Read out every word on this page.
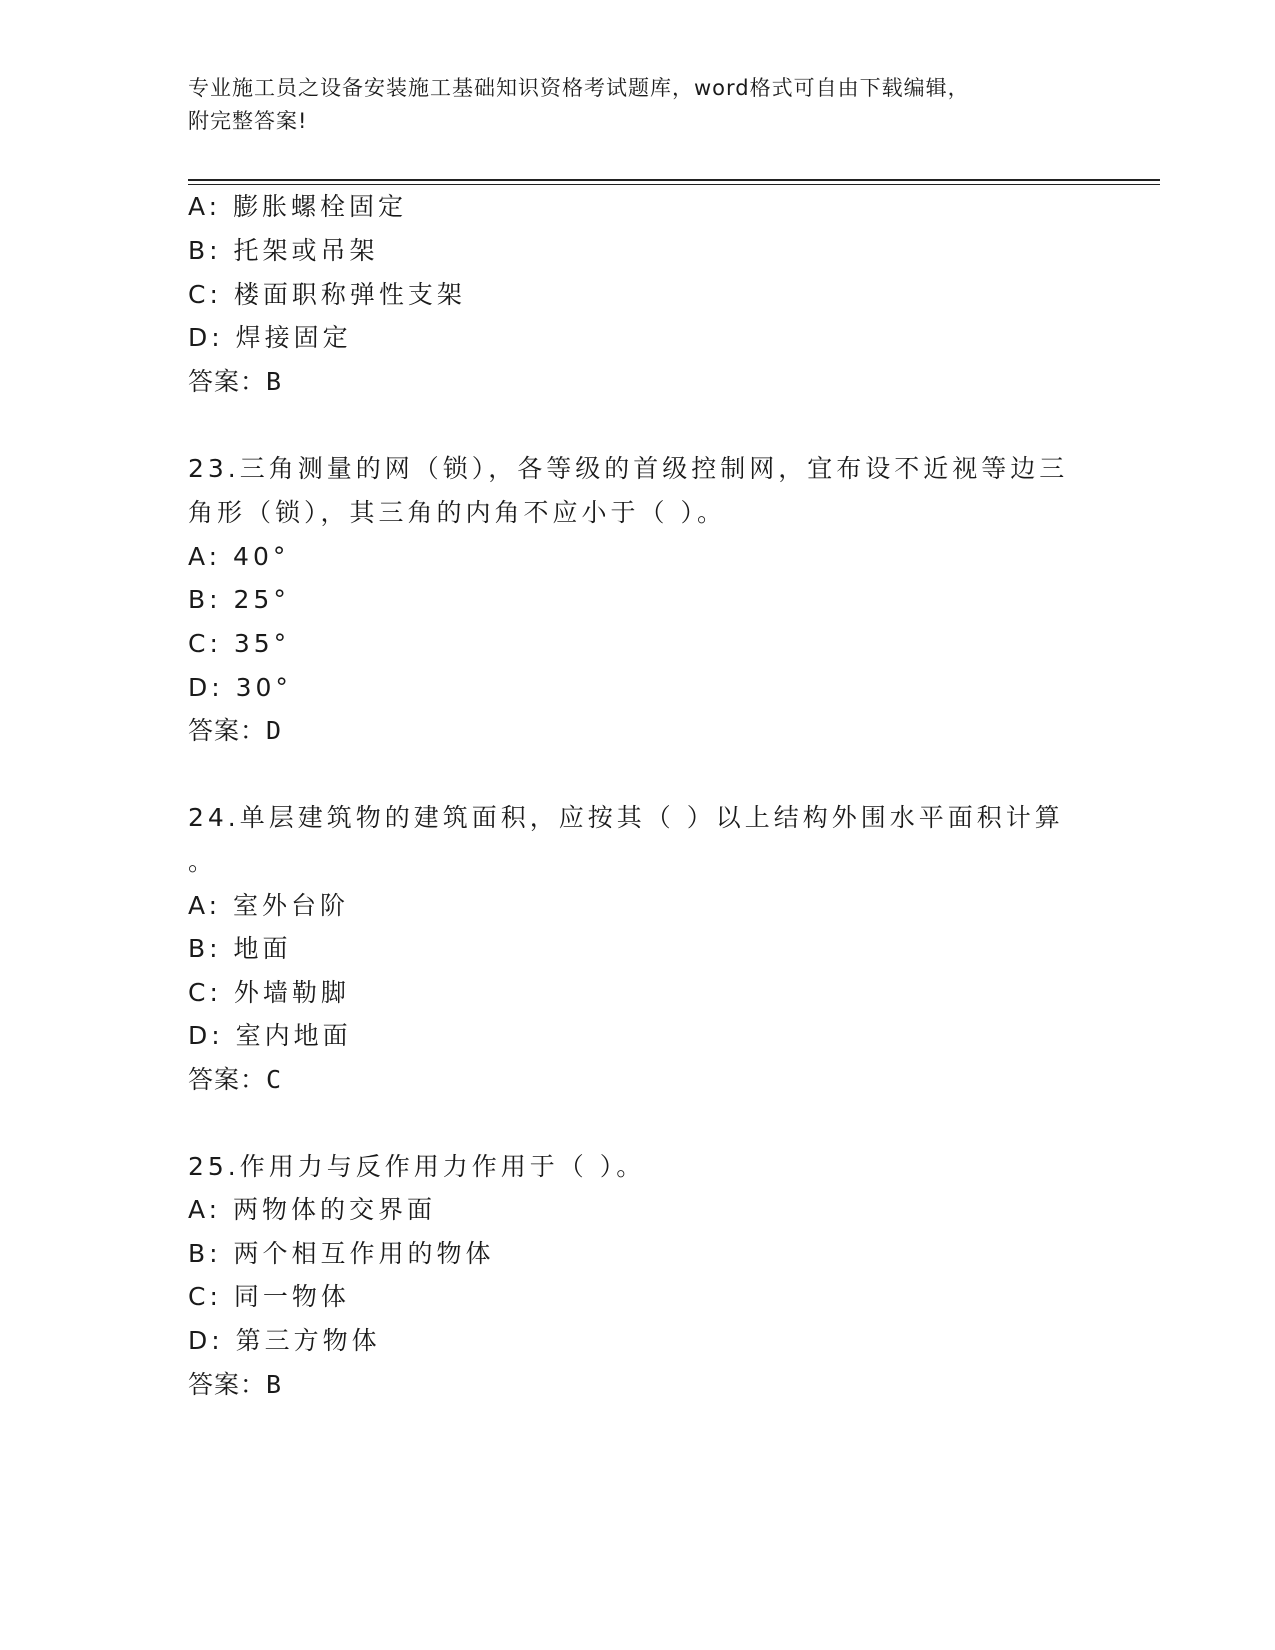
专业施工员之设备安装施工基础知识资格考试题库，word格式可自由下载编辑，
附完整答案!
A: 膨胀螺栓固定
B: 托架或吊架
C: 楼面职称弹性支架
D: 焊接固定
答案：B
23.三角测量的网（锁），各等级的首级控制网，宜布设不近视等边三
角形（锁），其三角的内角不应小于（ ）。
A: 40°
B: 25°
C: 35°
D: 30°
答案：D
24.单层建筑物的建筑面积，应按其（ ）以上结构外围水平面积计算
。
A: 室外台阶
B: 地面
C: 外墙勒脚
D: 室内地面
答案：C
25.作用力与反作用力作用于（ ）。
A: 两物体的交界面
B: 两个相互作用的物体
C: 同一物体
D: 第三方物体
答案：B
